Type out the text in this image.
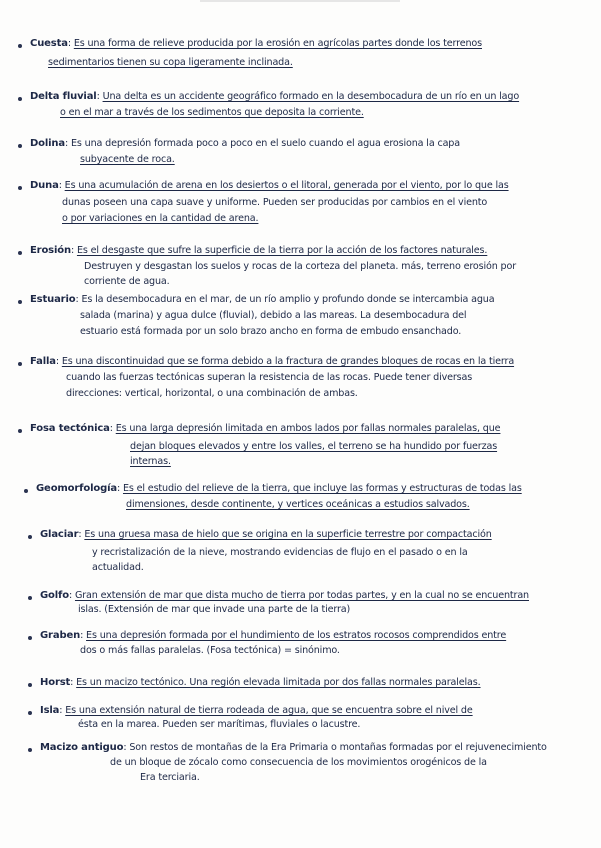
Cuesta: Es una forma de relieve producida por la erosión en agrícolas partes donde los terrenos
sedimentarios tienen su copa ligeramente inclinada.
Delta fluvial: Una delta es un accidente geográfico formado en la desembocadura de un río en un lago
o en el mar a través de los sedimentos que deposita la corriente.
Dolina: Es una depresión formada poco a poco en el suelo cuando el agua erosiona la capa
subyacente de roca.
Duna: Es una acumulación de arena en los desiertos o el litoral, generada por el viento, por lo que las
dunas poseen una capa suave y uniforme. Pueden ser producidas por cambios en el viento
o por variaciones en la cantidad de arena.
Erosión: Es el desgaste que sufre la superficie de la tierra por la acción de los factores naturales.
Destruyen y desgastan los suelos y rocas de la corteza del planeta. más, terreno erosión por
corriente de agua.
Estuario: Es la desembocadura en el mar, de un río amplio y profundo donde se intercambia agua
salada (marina) y agua dulce (fluvial), debido a las mareas. La desembocadura del
estuario está formada por un solo brazo ancho en forma de embudo ensanchado.
Falla: Es una discontinuidad que se forma debido a la fractura de grandes bloques de rocas en la tierra
cuando las fuerzas tectónicas superan la resistencia de las rocas. Puede tener diversas
direcciones: vertical, horizontal, o una combinación de ambas.
Fosa tectónica: Es una larga depresión limitada en ambos lados por fallas normales paralelas, que
dejan bloques elevados y entre los valles, el terreno se ha hundido por fuerzas
internas.
Geomorfología: Es el estudio del relieve de la tierra, que incluye las formas y estructuras de todas las
dimensiones, desde continente, y vertices oceánicas a estudios salvados.
Glaciar: Es una gruesa masa de hielo que se origina en la superficie terrestre por compactación
y recristalización de la nieve, mostrando evidencias de flujo en el pasado o en la
actualidad.
Golfo: Gran extensión de mar que dista mucho de tierra por todas partes, y en la cual no se encuentran
islas. (Extensión de mar que invade una parte de la tierra)
Graben: Es una depresión formada por el hundimiento de los estratos rocosos comprendidos entre
dos o más fallas paralelas. (Fosa tectónica) = sinónimo.
Horst: Es un macizo tectónico. Una región elevada limitada por dos fallas normales paralelas.
Isla: Es una extensión natural de tierra rodeada de agua, que se encuentra sobre el nivel de
ésta en la marea. Pueden ser marítimas, fluviales o lacustre.
Macizo antiguo: Son restos de montañas de la Era Primaria o montañas formadas por el rejuvenecimiento
de un bloque de zócalo como consecuencia de los movimientos orogénicos de la
Era terciaria.
